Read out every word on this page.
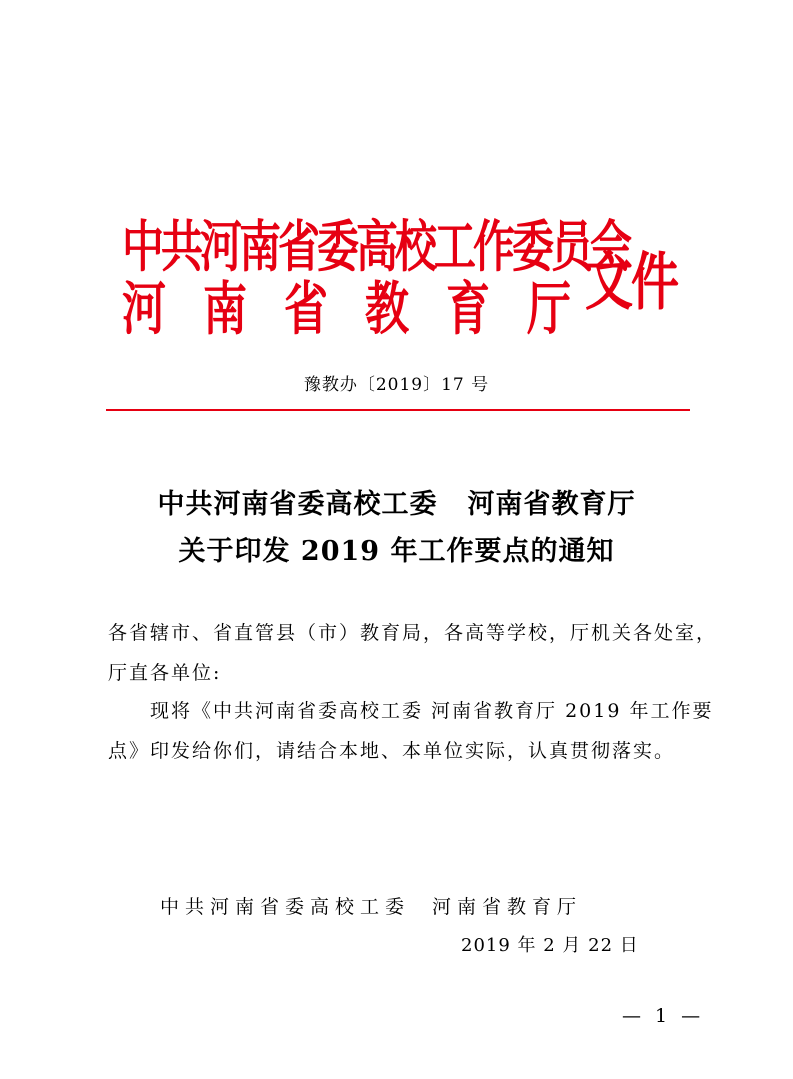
中共河南省委高校工作委员会
河南省教育厅
文件
豫教办〔2019〕17 号
中共河南省委高校工委 河南省教育厅
关于印发 2019 年工作要点的通知
各省辖市、省直管县（市）教育局，各高等学校，厅机关各处室，
厅直各单位:
现将《中共河南省委高校工委 河南省教育厅 2019 年工作要
点》印发给你们，请结合本地、本单位实际，认真贯彻落实。
中共河南省委高校工委 河南省教育厅
2019 年 2 月 22 日
— 1 —
